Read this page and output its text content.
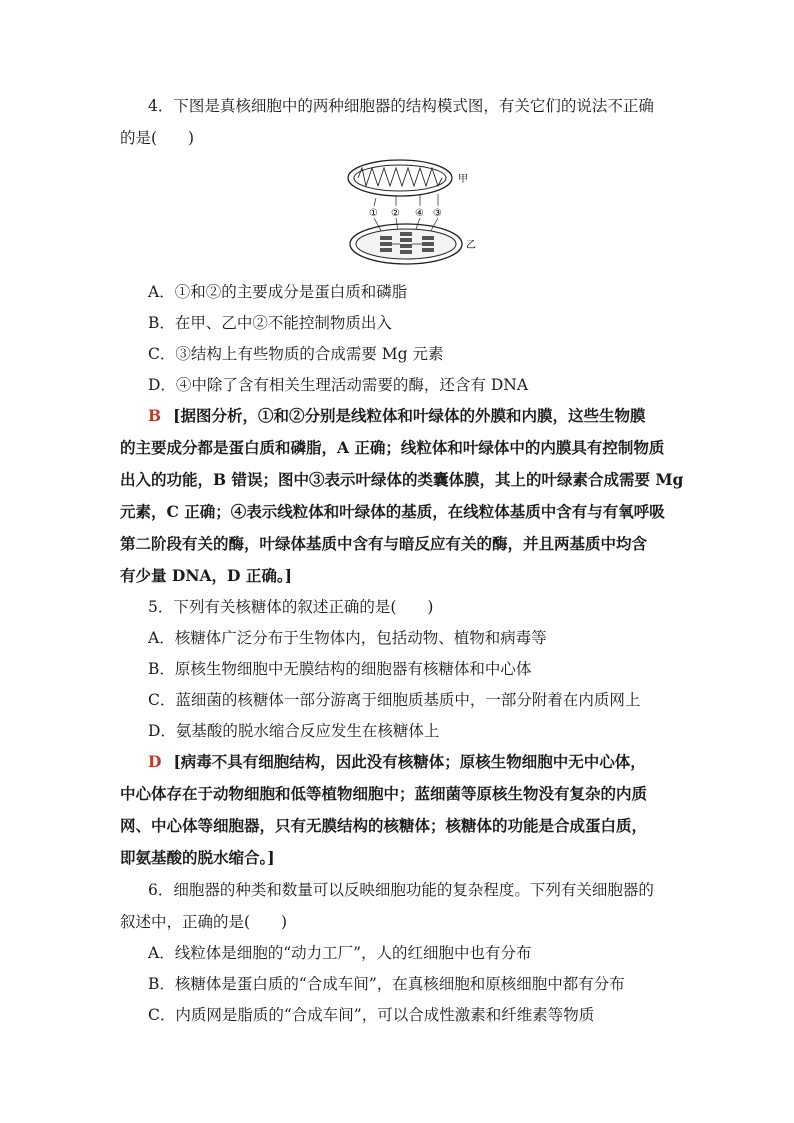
4．下图是真核细胞中的两种细胞器的结构模式图，有关它们的说法不正确
的是(　　)
甲
① ② ④ ③
乙
A．①和②的主要成分是蛋白质和磷脂
B．在甲、乙中②不能控制物质出入
C．③结构上有些物质的合成需要 Mg 元素
D．④中除了含有相关生理活动需要的酶，还含有 DNA
B [据图分析，①和②分别是线粒体和叶绿体的外膜和内膜，这些生物膜
的主要成分都是蛋白质和磷脂，A 正确；线粒体和叶绿体中的内膜具有控制物质
出入的功能，B 错误；图中③表示叶绿体的类囊体膜，其上的叶绿素合成需要 Mg
元素，C 正确；④表示线粒体和叶绿体的基质，在线粒体基质中含有与有氧呼吸
第二阶段有关的酶，叶绿体基质中含有与暗反应有关的酶，并且两基质中均含
有少量 DNA，D 正确。]
5．下列有关核糖体的叙述正确的是(　　)
A．核糖体广泛分布于生物体内，包括动物、植物和病毒等
B．原核生物细胞中无膜结构的细胞器有核糖体和中心体
C．蓝细菌的核糖体一部分游离于细胞质基质中，一部分附着在内质网上
D．氨基酸的脱水缩合反应发生在核糖体上
D [病毒不具有细胞结构，因此没有核糖体；原核生物细胞中无中心体，
中心体存在于动物细胞和低等植物细胞中；蓝细菌等原核生物没有复杂的内质
网、中心体等细胞器，只有无膜结构的核糖体；核糖体的功能是合成蛋白质，
即氨基酸的脱水缩合。]
6．细胞器的种类和数量可以反映细胞功能的复杂程度。下列有关细胞器的
叙述中，正确的是(　　)
A．线粒体是细胞的“动力工厂”，人的红细胞中也有分布
B．核糖体是蛋白质的“合成车间”，在真核细胞和原核细胞中都有分布
C．内质网是脂质的“合成车间”，可以合成性激素和纤维素等物质
